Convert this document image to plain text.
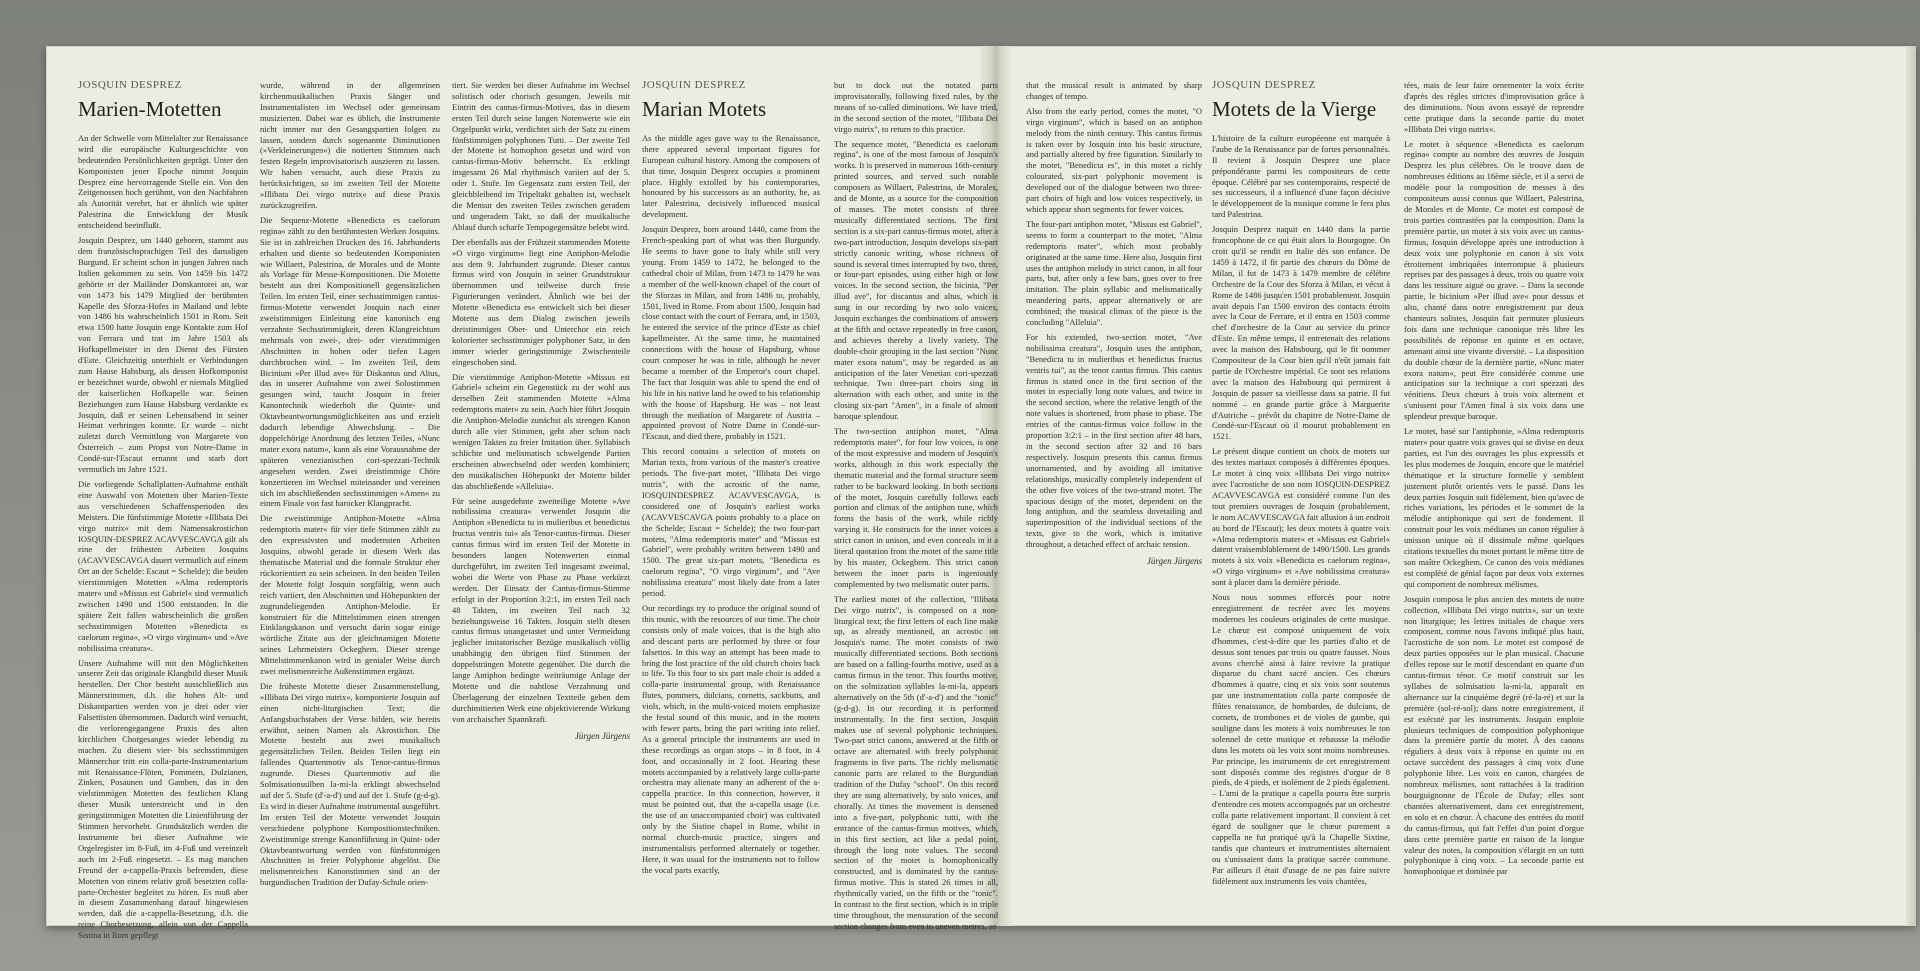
JOSQUIN DESPREZ
Marien-Motetten

An der Schwelle vom Mittelalter zur Renaissance wird die europäische Kulturgeschichte von bedeutenden Persönlichkeiten geprägt. Unter den Komponisten jener Epoche nimmt Josquin Desprez eine hervorragende Stelle ein. Von den Zeitgenossen hoch gerühmt, von den Nachfahren als Autorität verehrt, hat er ähnlich wie später Palestrina die Entwicklung der Musik entscheidend beeinflußt.

Josquin Desprez, um 1440 geboren, stammt aus dem französischsprachigen Teil des damaligen Burgund. Er scheint schon in jungen Jahren nach Italien gekommen zu sein. Von 1459 bis 1472 gehörte er der Mailänder Domkantorei an, war von 1473 bis 1479 Mitglied der berühmten Kapelle des Sforza-Hofes in Mailand und lebte von 1486 bis wahrscheinlich 1501 in Rom. Seit etwa 1500 hatte Josquin enge Kontakte zum Hof von Ferrara und trat im Jahre 1503 als Hofkapellmeister in den Dienst des Fürsten d'Este. Gleichzeitig unterhielt er Verbindungen zum Hause Habsburg, als dessen Hofkomponist er bezeichnet wurde, obwohl er niemals Mitglied der kaiserlichen Hofkapelle war. Seinen Beziehungen zum Hause Habsburg verdankte es Josquin, daß er seinen Lebensabend in seiner Heimat verbringen konnte. Er wurde – nicht zuletzt durch Vermittlung von Margarete von Österreich – zum Propst von Notre-Dame in Condé-sur-l'Escaut ernannt und starb dort vermutlich im Jahre 1521.

Die vorliegende Schallplatten-Aufnahme enthält eine Auswahl von Motetten über Marien-Texte aus verschiedenen Schaffensperioden des Meisters. Die fünfstimmige Motette »Illibata Dei virgo nutrix« mit dem Namensakrostichon IOSQUIN-DESPREZ ACAVVESCAVGA gilt als eine der frühesten Arbeiten Josquins (ACAVVESCAVGA dauert vermutlich auf einem Ort an der Schelde: Escaut = Schelde); die beiden vierstimmigen Motetten »Alma redemptoris mater« und »Missus est Gabriel« sind vermutlich zwischen 1490 und 1500 entstanden. In die spätere Zeit fallen wahrscheinlich die großen sechsstimmigen Motetten »Benedicta es caelorum regina«, »O virgo virginum« und »Ave nobilissima creatura«.

Unsere Aufnahme will mit den Möglichkeiten unserer Zeit das originale Klangbild dieser Musik herstellen. Der Chor besteht ausschließlich aus Männerstimmen, d.h. die hohen Alt- und Diskantpartien werden von je drei oder vier Falsettisten übernommen. Dadurch wird versucht, die verlorengegangene Praxis des alten kirchlichen Chorgesanges wieder lebendig zu machen. Zu diesem vier- bis sechsstimmigen Männerchor tritt ein colla-parte-Instrumentarium mit Renaissance-Flöten, Pommern, Dulzianen, Zinken, Posaunen und Gamben, das in den vielstimmigen Motetten des festlichen Klang dieser Musik unterstreicht und in den geringstimmigen Motetten die Linienführung der Stimmen hervorhebt. Grundsätzlich werden die Instrumente bei dieser Aufnahme wie Orgelregister im 8-Fuß, im 4-Fuß und vereinzelt auch im 2-Fuß eingesetzt. – Es mag manchen Freund der a-cappella-Praxis befremden, diese Motetten von einem relativ groß besetzten colla-parte-Orchester begleitet zu hören. Es muß aber in diesem Zusammenhang darauf hingewiesen werden, daß die a-cappella-Besetzung, d.h. die reine Chorbesetzung, allein von der Cappella Sistina in Rom gepflegt

wurde, während in der allgemeinen kirchenmusikalischen Praxis Sänger und Instrumentalisten im Wechsel oder gemeinsam musizierten. Dabei war es üblich, die Instrumente nicht immer nur den Gesangspartien folgen zu lassen, sondern durch sogenannte Diminutionen (»Verkleinerungen«) die notierten Stimmen nach festen Regeln improvisatorisch auszieren zu lassen. Wir haben versucht, auch diese Praxis zu berücksichtigen, so im zweiten Teil der Motette »Illibata Dei virgo nutrix« auf diese Praxis zurückzugreifen.

Die Sequenz-Motette »Benedicta es caelorum regina« zählt zu den berühmtesten Werken Josquins. Sie ist in zahlreichen Drucken des 16. Jahrhunderts erhalten und diente so bedeutenden Komponisten wie Willaert, Palestrina, de Morales und de Monte als Vorlage für Messe-Kompositionen. Die Motette besteht aus drei Kompositionell gegensätzlichen Teilen. Im ersten Teil, einer sechsstimmigen cantus-firmus-Motette verwendet Josquin nach einer zweistimmigen Einleitung eine kanonisch eng verzahnte Sechsstimmigkeit, deren Klangreichtum mehrmals von zwei-, drei- oder vierstimmigen Abschnitten in hohen oder tiefen Lagen durchbrochen wird. – Im zweiten Teil, dem Bicinium »Per illud ave« für Diskantus und Altus, das in unserer Aufnahme von zwei Solostimmen gesungen wird, taucht Josquin in freier Kanontechnik wiederholt die Quinte- und Oktavbeantwortungsmöglichkeiten aus und erzielt dadurch lebendige Abwechslung. – Die doppelchörige Anordnung des letzten Teiles, »Nunc mater exora natum«, kann als eine Vorausnahme der späteren venezianischen cori-spezzati-Technik angesehen werden. Zwei dreistimmige Chöre konzertieren im Wechsel miteinander und vereinen sich im abschließenden sechsstimmigen »Amen« zu einem Finale von fast barocker Klangpracht.

Die zweistimmige Antiphon-Motette »Alma redemptoris mater« für vier tiefe Stimmen zählt zu den expressivsten und modernsten Arbeiten Josquins, obwohl gerade in diesem Werk das thematische Material und die formale Struktur eher rückorientiert zu sein scheinen. In den beiden Teilen der Motette folgt Josquin sorgfältig, wenn auch reich variiert, den Abschnitten und Höhepunkten der zugrundeliegenden Antiphon-Melodie. Er konstruiert für die Mittelstimmen einen strengen Einklangskanon und versucht darin sogar einige wörtliche Zitate aus der gleichnamigen Motette seines Lehrmeisters Ockeghem. Dieser strenge Mittelstimmenkanon wird in genialer Weise durch zwei melismenreiche Außenstimmen ergänzt.

Die früheste Motette dieser Zusammenstellung, »Illibata Dei virgo nutrix«, komponierte Josquin auf einen nicht-liturgischen Text; die Anfangsbuchstaben der Verse bilden, wie bereits erwähnt, seinen Namen als Akrostichon. Die Motette besteht aus zwei musikalisch gegensätzlichen Teilen. Beiden Teilen liegt ein fallendes Quartenmotiv als Tenor-cantus-firmus zugrunde. Dieses Quartenmotiv auf die Solmisationssilben la-mi-la erklingt abwechselnd auf der 5. Stufe (d'-a-d') und auf der 1. Stufe (g-d-g). Es wird in dieser Aufnahme instrumental ausgeführt. Im ersten Teil der Motette verwendet Josquin verschiedene polyphone Kompositionstechniken. Zweistimmige strenge Kanonführung in Quint- oder Oktavbeantwortung werden von fünfstimmigen Abschnitten in freier Polyphonie abgelöst. Die melismenreichen Kanonstimmen sind an der burgundischen Tradition der Dufay-Schule orien-

tiert. Sie werden bei dieser Aufnahme im Wechsel solistisch oder chorisch gesungen. Jeweils mit Eintritt des cantus-firmus-Motives, das in diesem ersten Teil durch seine langen Notenwerte wie ein Orgelpunkt wirkt, verdichtet sich der Satz zu einem fünfstimmigen polyphonen Tutti. – Der zweite Teil der Motette ist homophon gesetzt und wird von cantus-firmus-Motiv beherrscht. Es erklingt insgesamt 26 Mal rhythmisch variiert auf der 5. oder 1. Stufe. Im Gegensatz zum ersten Teil, der gleichbleibend im Tripeltakt gehalten ist, wechselt die Mensur des zweiten Teiles zwischen geradem und ungeradem Takt, so daß der musikalische Ablauf durch scharfe Tempogegensätze belebt wird.

Der ebenfalls aus der Frühzeit stammenden Motette »O virgo virginum« liegt eine Antiphon-Melodie aus dem 9. Jahrhundert zugrunde. Dieser cantus firmus wird von Josquin in seiner Grundstruktur übernommen und teilweise durch freie Figurierungen verändert. Ähnlich wie bei der Motette »Benedicta es« entwickelt sich bei dieser Motette aus dem Dialog zwischen jeweils dreistimmigen Ober- und Unterchor ein reich kolorierter sechsstimmiger polyphoner Satz, in den immer wieder geringstimmige Zwischenteile eingeschoben sind.

Die vierstimmige Antiphon-Motette »Missus est Gabriel« scheint ein Gegenstück zu der wohl aus derselben Zeit stammenden Motette »Alma redemptoris mater« zu sein. Auch hier führt Josquin die Antiphon-Melodie zunächst als strengen Kanon durch alle vier Stimmen, geht aber schon nach wenigen Takten zu freier Imitation über. Syllabisch schlichte und melismatisch schwelgende Partien erscheinen abwechselnd oder werden kombiniert; den musikalischen Höhepunkt der Motette bildet das abschließende »Alleluia«.

Für seine ausgedehnte zweiteilige Motette »Ave nobilissima creatura« verwendet Josquin die Antiphon »Benedicta tu in mulieribus et benedictus fructus ventris tui« als Tenor-cantus-firmus. Dieser cantus firmus wird im ersten Teil der Motette in besonders langen Notenwerten einmal durchgeführt, im zweiten Teil insgesamt zweimal, wobei die Werte von Phase zu Phase verkürzt werden. Der Einsatz der Cantus-firmus-Stimme erfolgt in der Proportion 3:2:1, im ersten Teil nach 48 Takten, im zweiten Teil nach 32 beziehungsweise 16 Takten. Josquin stellt diesen cantus firmus unangetastet und unter Vermeidung jeglicher imitatorischer Bezüge musikalisch völlig unabhängig den übrigen fünf Stimmen der doppelsträngen Motette gegenüber. Die durch die lange Antiphon bedingte weiträumige Anlage der Motette und die nahtlose Verzahnung und Überlagerung der einzelnen Textteile geben dem durchimitierten Werk eine objektivierende Wirkung von archaischer Spannkraft.

Jürgen Jürgens
JOSQUIN DESPREZ
Marian Motets

As the middle ages gave way to the Renaissance, there appeared several important figures for European cultural history. Among the composers of that time, Josquin Desprez occupies a prominent place. Highly extolled by his contemporaries, honoured by his successors as an authority, he, as later Palestrina, decisively influenced musical development.

Josquin Desprez, born around 1440, came from the French-speaking part of what was then Burgundy. He seems to have gone to Italy while still very young. From 1459 to 1472, he belonged to the cathedral choir of Milan, from 1473 to 1479 he was a member of the well-known chapel of the court of the Sforzas in Milan, and from 1486 to, probably, 1501, lived in Rome. From about 1500, Josquin had close contact with the court of Ferrara, and, in 1503, he entered the service of the prince d'Este as chief kapellmeister. At the same time, he maintained connections with the house of Hapsburg, whose court composer he was in title, although he never became a member of the Emperor's court chapel. The fact that Josquin was able to spend the end of his life in his native land he owed to his relationship with the house of Hapsburg. He was – not least through the mediation of Margarete of Austria – appointed provost of Notre Dame in Condé-sur-l'Escaut, and died there, probably in 1521.

This record contains a selection of motets on Marian texts, from various of the master's creative periods. The five-part motet, "Illibata Dei virgo nutrix", with the acrostic of the name, IOSQUINDESPREZ ACAVVESCAVGA, is considered one of Josquin's earliest works (ACAVVESCAVGA points probably to a place on the Schelde; Escaut = Schelde); the two four-part motets, "Alma redemptoris mater" and "Missus est Gabriel", were probably written between 1490 and 1500. The great six-part motets, "Benedicta es caelorum regina", "O virgo virginum", and "Ave nobilissima creatura" most likely date from a later period.

Our recordings try to produce the original sound of this music, with the resources of our time. The choir consists only of male voices, that is the high alto and descant parts are performed by three or four falsettos. In this way an attempt has been made to bring the lost practice of the old church choirs back to life. To this four to six part male choir is added a colla-parte instrumental group, with Renaissance flutes, pommers, dulcians, cornetts, sackbutts, and viols, which, in the multi-voiced motets emphasize the festal sound of this music, and in the motets with fewer parts, bring the part writing into relief. As a general principle the instruments are used in these recordings as organ stops – in 8 foot, in 4 foot, and occasionally in 2 foot. Hearing these motets accompanied by a relatively large colla-parte orchestra may alienate many an adherent of the a-cappella practice. In this connection, however, it must be pointed out, that the a-capella usage (i.e. the use of an unaccompanied choir) was cultivated only by the Sistine chapel in Rome, whilst in normal church-music practice, singers and instrumentalists performed alternately or together. Here, it was usual for the instruments not to follow the vocal parts exactly,

but to dock out the notated parts improvisatorally, following fixed rules, by the means of so-called diminutions. We have tried, in the second section of the motet, "Illibata Dei virgo nutrix", to return to this practice.

The sequence motet, "Benedicta es caelorum regina", is one of the most famous of Josquin's works. It is preserved in numerous 16th-century printed sources, and served such notable composers as Willaert, Palestrina, de Morales, and de Monte, as a source for the composition of masses. The motet consists of three musically differentiated sections. The first section is a six-part cantus-firmus motet, after a two-part introduction, Josquin develops six-part strictly canonic writing, whose richness of sound is several times interrupted by two, three, or four-part episodes, using either high or low voices. In the second section, the bicinia, "Per illud ave", for discantus and altus, which is sung in our recording by two solo voices, Josquin exchanges the combinations of answers at the fifth and octave repeatedly in free canon, and achieves thereby a lively variety. The double-choir grouping in the last section "Nunc mater exora natum", may be regarded as an anticipation of the later Venetian cori-spezzati technique. Two three-part choirs sing in alternation with each other, and unite in the closing six-part "Amen", in a finale of almost baroque splendour.

The two-section antiphon motet, "Alma redemptoris mater", for four low voices, is one of the most expressive and modern of Josquin's works, although in this work especially the thematic material and the formal structure seem rather to be backward looking. In both sections of the motet, Josquin carefully follows each portion and climax of the antiphon tune, which forms the basis of the work, while richly varying it. He constructs for the inner voices a strict canon in unison, and even conceals in it a literal quotation from the motet of the same title by his master, Ockeghem. This strict canon between the inner parts is ingeniously complemented by two melismatic outer parts.

The earliest motet of the collection, "Illibata Dei virgo nutrix", is composed on a non-liturgical text; the first letters of each line make up, as already mentioned, an acrostic on Josquin's name. The motet consists of two musically differentiated sections. Both sections are based on a falling-fourths motive, used as a cantus firmus in the tenor. This fourths motive, on the solmization syllables la-mi-la, appears alternatively on the 5th (d'-a-d') and the "tonic" (g-d-g). In our recording it is performed instrumentally. In the first section, Josquin makes use of several polyphonic techniques. Two-part strict canons, answered at the fifth or octave are alternated with freely polyphonic fragments in five parts. The richly melismatic canonic parts are related to the Burgundian tradition of the Dufay "school". On this record they are sung alternatively, by solo voices, and chorally. At times the movement is densened into a five-part, polyphonic tutti, with the entrance of the cantus-firmus motives, which, in this first section, act like a pedal point, through the long note values. The second section of the motet is homophonically constructed, and is dominated by the cantus-firmus motive. This is stated 26 times in all, rhythmically varied, on the fifth or the "tonic". In contrast to the first section, which is in triple time throughout, the mensuration of the second section changes from even to uneven metres, so

that the musical result is animated by sharp changes of tempo.

Also from the early period, comes the motet, "O virgo virginum", which is based on an antiphon melody from the ninth century. This cantus firmus is taken over by Josquin into his basic structure, and partially altered by free figuration. Similarly to the motet, "Benedicta es", in this motet a richly colourated, six-part polyphonic movement is developed out of the dialogue between two three-part choirs of high and low voices respectively, in which appear short segments for fewer voices.

The four-part antiphon motet, "Missus est Gabriel", seems to form a counterpart to the motet, "Alma redemptoris mater", which most probably originated at the same time. Here also, Josquin first uses the antiphon melody in strict canon, in all four parts, but, after only a few bars, goes over to free imitation. The plain syllabic and melismatically meandering parts, appear alternatively or are combined; the musical climax of the piece is the concluding "Alleluia".

For his extended, two-section motet, "Ave nobilissima creatura", Josquin uses the antiphon, "Benedicta tu in mulieribus et benedictus fructus ventris tui", as the tenor cantus firmus. This cantus firmus is stated once in the first section of the motet in especially long note values, and twice in the second section, where the relative length of the note values is shortened, from phase to phase. The entries of the cantus-firmus voice follow in the proportion 3:2:1 – in the first section after 48 bars, in the second section after 32 and 16 bars respectively. Josquin presents this cantus firmus unornamented, and by avoiding all imitative relationships, musically completely independent of the other five voices of the two-strand motet. The spacious design of the motet, dependent on the long antiphon, and the seamless dovetailing and superimposition of the individual sections of the texts, give to the work, which is imitative throughout, a detached effect of archaic tension.

Jürgen Jürgens
JOSQUIN DESPREZ
Motets de la Vierge

L'histoire de la culture européenne est marquée à l'aube de la Renaissance par de fortes personnalités. Il revient à Josquin Desprez une place prépondérante parmi les compositeurs de cette époque. Célébré par ses contemporains, respecté de ses successeurs, il a influencé d'une façon décisive le développement de la musique comme le fera plus tard Palestrina.

Josquin Desprez naquit en 1440 dans la partie francophone de ce qui était alors la Bourgogne. On croit qu'il se rendit en Italie dès son enfance. De 1459 à 1472, il fit partie des chœurs du Dôme de Milan, il fut de 1473 à 1479 membre de célèbre Orchestre de la Cour des Sforza à Milan, et vécut à Rome de 1486 jusqu'en 1501 probablement. Josquin avait depuis l'an 1500 environ des contacts étroits avec la Cour de Ferrare, et il entra en 1503 comme chef d'orchestre de la Cour au service du prince d'Este. En même temps, il entretenait des relations avec la maison des Habsbourg, qui le fit nommer Compositeur de la Cour bien qu'il n'eût jamais fait partie de l'Orchestre impérial. Ce sont ses relations avec la maison des Habsbourg qui permirent à Josquin de passer sa vieillesse dans sa patrie. Il fut nommé – en grande partie grâce à Marguerite d'Autriche – prévôt du chapitre de Notre-Dame de Condé-sur-l'Escaut où il mourut probablement en 1521.

Le présent disque contient un choix de motets sur des textes mariaux composés à différentes époques. Le motet à cinq voix »Illibata Dei virgo nutrix« avec l'acrostiche de son nom IOSQUIN-DESPREZ ACAVVESCAVGA est considéré comme l'un des tout premiers ouvrages de Josquin (probablement, le nom ACAVVESCAVGA fait allusion à un endroit au bord de l'Escaut); les deux motets à quatre voix »Alma redemptoris mater« et »Missus est Gabriel« datent vraisemblablement de 1490/1500. Les grands motets à six voix »Benedicta es caelorum regina«, »O virgo virginum« et »Ave nobilissima creatura« sont à placer dans la dernière période.

Nous nous sommes efforcés pour notre enregistrement de recréer avec les moyens modernes les couleurs originales de cette musique. Le chœur est composé uniquement de voix d'hommes, c'est-à-dire que les parties d'alto et de dessus sont tenues par trois ou quatre fausset. Nous avons cherché ainsi à faire revivre la pratique disparue du chant sacré ancien. Ces chœurs d'hommes à quatre, cinq et six voix sont soutenus par une instrumentation colla parte composée de flûtes renaissance, de bombardes, de dulcians, de cornets, de trombones et de violes de gambe, qui souligne dans les motets à voix nombreuses le ton solennel de cette musique et rehausse la mélodie dans les motets où les voix sont moins nombreuses. Par principe, les instruments de cet enregistrement sont disposés comme des registres d'orgue de 8 pieds, de 4 pieds, et isolément de 2 pieds également. – L'ami de la pratique a capella pourra être surpris d'entendre ces motets accompagnés par un orchestre colla parte relativement important. Il convient à cet égard de souligner que le chœur purement a cappella ne fut pratiqué qu'à la Chapelle Sixtine, tandis que chanteurs et instrumentistes alternaient ou s'unissaient dans la pratique sacrée commune. Par ailleurs il était d'usage de ne pas faire suivre fidèlement aux instruments les voix chantées,

tées, mais de leur faire ornementer la voix écrite d'après des règles strictes d'improvisation grâce à des diminutions. Nous avons essayé de reprendre cette pratique dans la seconde partie du motet »Illibata Dei virgo nutrix«.

Le motet à séquence »Benedicta es caelorum regina« compte au nombre des œuvres de Josquin Desprez les plus célèbres. On le trouve dans de nombreuses éditions au 16ème siècle, et il a servi de modèle pour la composition de messes à des compositeurs aussi connus que Willaert, Palestrina, de Morales et de Monte. Ce motet est composé de trois parties contrastées par la composition. Dans la première partie, un motet à six voix avec un cantus-firmus, Josquin développe après une introduction à deux voix une polyphonie en canon à six voix étroitement imbriquées interrompue à plusieurs reprises par des passages à deux, trois ou quatre voix dans les tessiture aiguë ou grave. – Dans la seconde partie, le bicinium »Per illud ave« pour dessus et alto, chanté dans notre enregistrement par deux chanteurs solistes, Josquin fait permuter plusieurs fois dans une technique canonique très libre les possibilités de réponse en quinte et en octave, amenant ainsi une vivante diversité. – La disposition du double chœur de la dernière partie, »Nunc mater exora natum«, peut être considérée comme une anticipation sur la technique a cori spezzati des vénitiens. Deux chœurs à trois voix alternent et s'unissent pour l'Amen final à six voix dans une splendeur presque baroque.

Le motet, basé sur l'antiphonie, »Alma redemptoris mater« pour quatre voix graves qui se divise en deux parties, est l'un des ouvrages les plus expressifs et les plus modernes de Josquin, encore que le matériel thématique et la structure formelle y semblent justement plutôt orientés vers le passé. Dans les deux parties Josquin suit fidèlement, bien qu'avec de riches variations, les périodes et le sommet de la mélodie antiphonique qui sert de fondement. Il construit pour les voix médianes un canon régulier à unisson unique où il dissimule même quelques citations textuelles du motet portant le même titre de son maître Ockeghem. Ce canon des voix médianes est complété de génial façon par deux voix externes qui comportent de nombreux mélismes.

Josquin composa le plus ancien des motets de notre collection, »Illibata Dei virgo nutrix«, sur un texte non liturgique; les lettres initiales de chaque vers composent, comme nous l'avons indiqué plus haut, l'acrostiche de son nom. Le motet est composé de deux parties opposées sur le plan musical. Chacune d'elles repose sur le motif descendant en quarte d'un cantus-firmus ténor. Ce motif construit sur les syllabes de solmisation la-mi-la, apparaît en alternance sur la cinquième degré (ré-la-ré) et sur la première (sol-ré-sol); dans notre enregistrement, il est exécuté par les instruments. Josquin emploie plusieurs techniques de composition polyphonique dans la première partie du motet. À des canons réguliers à deux voix à réponse en quinte ou en octave succèdent des passages à cinq voix d'une polyphonie libre. Les voix en canon, chargées de nombreux mélismes, sont rattachées à la tradition bourguignonne de l'École de Dufay; elles sont chantées alternativement, dans cet enregistrement, en solo et en chœur. À chacune des entrées du motif du cantus-firmus, qui fait l'effet d'un point d'orgue dans cette première partie en raison de la longue valeur des notes, la composition s'élargit en un tutti polyphonique à cinq voix. – La seconde partie est homophonique et dominée par
